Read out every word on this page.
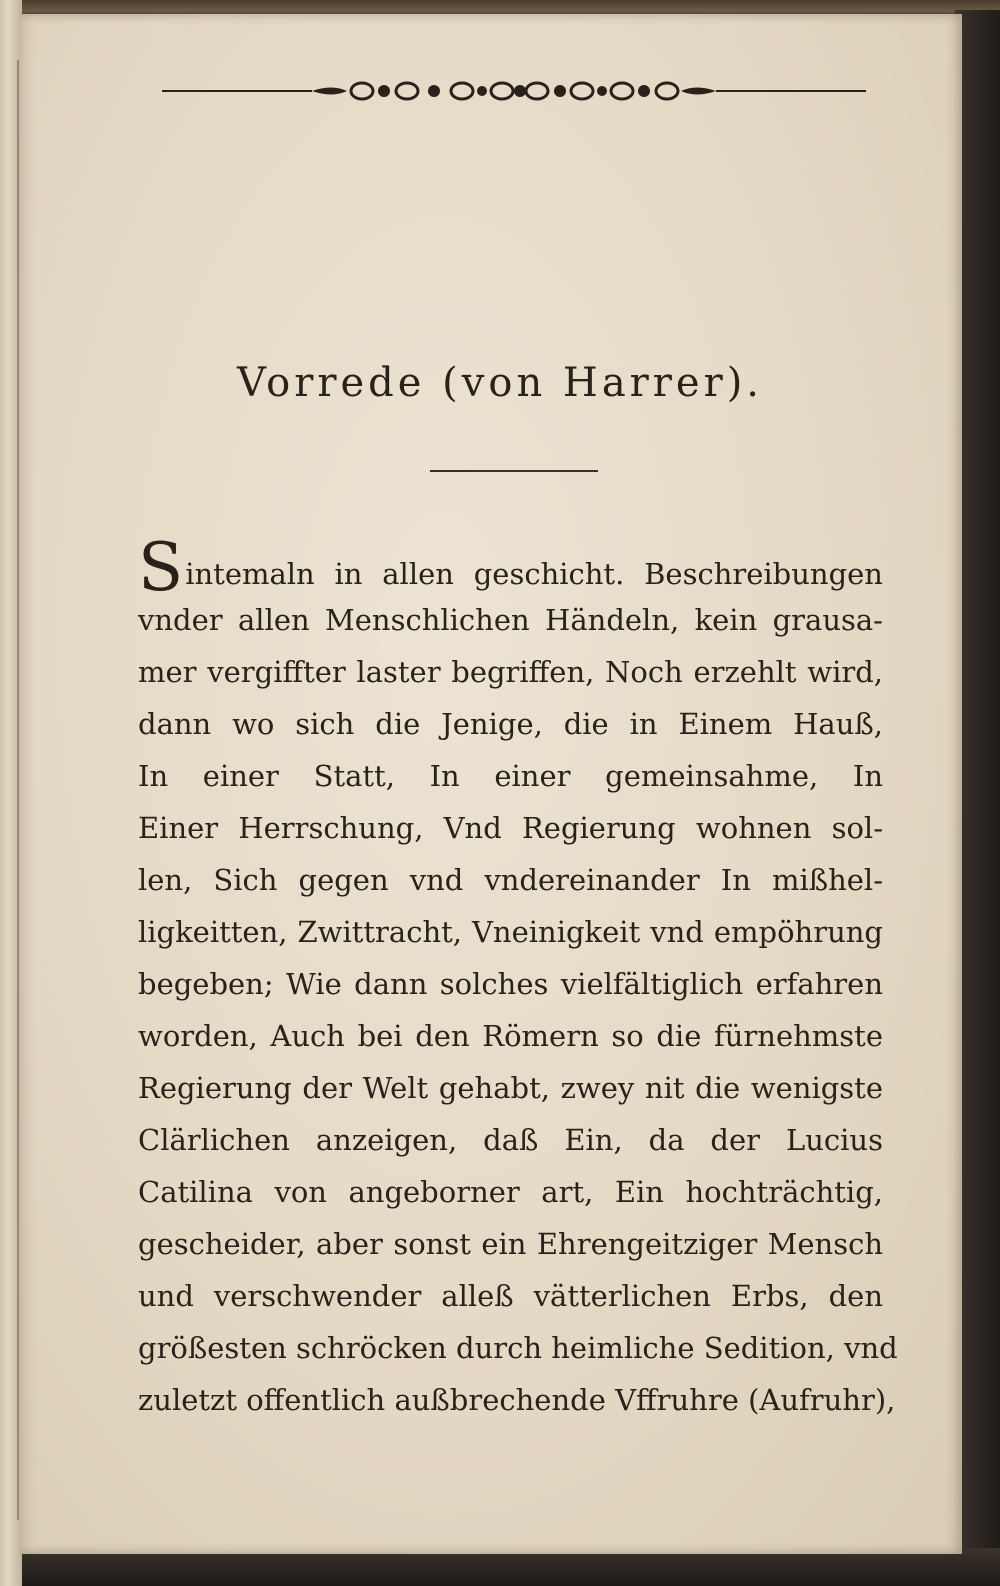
Vorrede (von Harrer).
Sintemaln in allen geschicht. Beschreibungen
vnder allen Menschlichen Händeln, kein grausa-
mer vergiffter laster begriffen, Noch erzehlt wird,
dann wo sich die Jenige, die in Einem Hauß,
In einer Statt, In einer gemeinsahme, In
Einer Herrschung, Vnd Regierung wohnen sol-
len, Sich gegen vnd vndereinander In mißhel-
ligkeitten, Zwittracht, Vneinigkeit vnd empöhrung
begeben; Wie dann solches vielfältiglich erfahren
worden, Auch bei den Römern so die fürnehmste
Regierung der Welt gehabt, zwey nit die wenigste
Clärlichen anzeigen, daß Ein, da der Lucius
Catilina von angeborner art, Ein hochträchtig,
gescheider, aber sonst ein Ehrengeitziger Mensch
und verschwender alleß vätterlichen Erbs, den
größesten schröcken durch heimliche Sedition, vnd
zuletzt offentlich außbrechende Vffruhre (Aufruhr),
